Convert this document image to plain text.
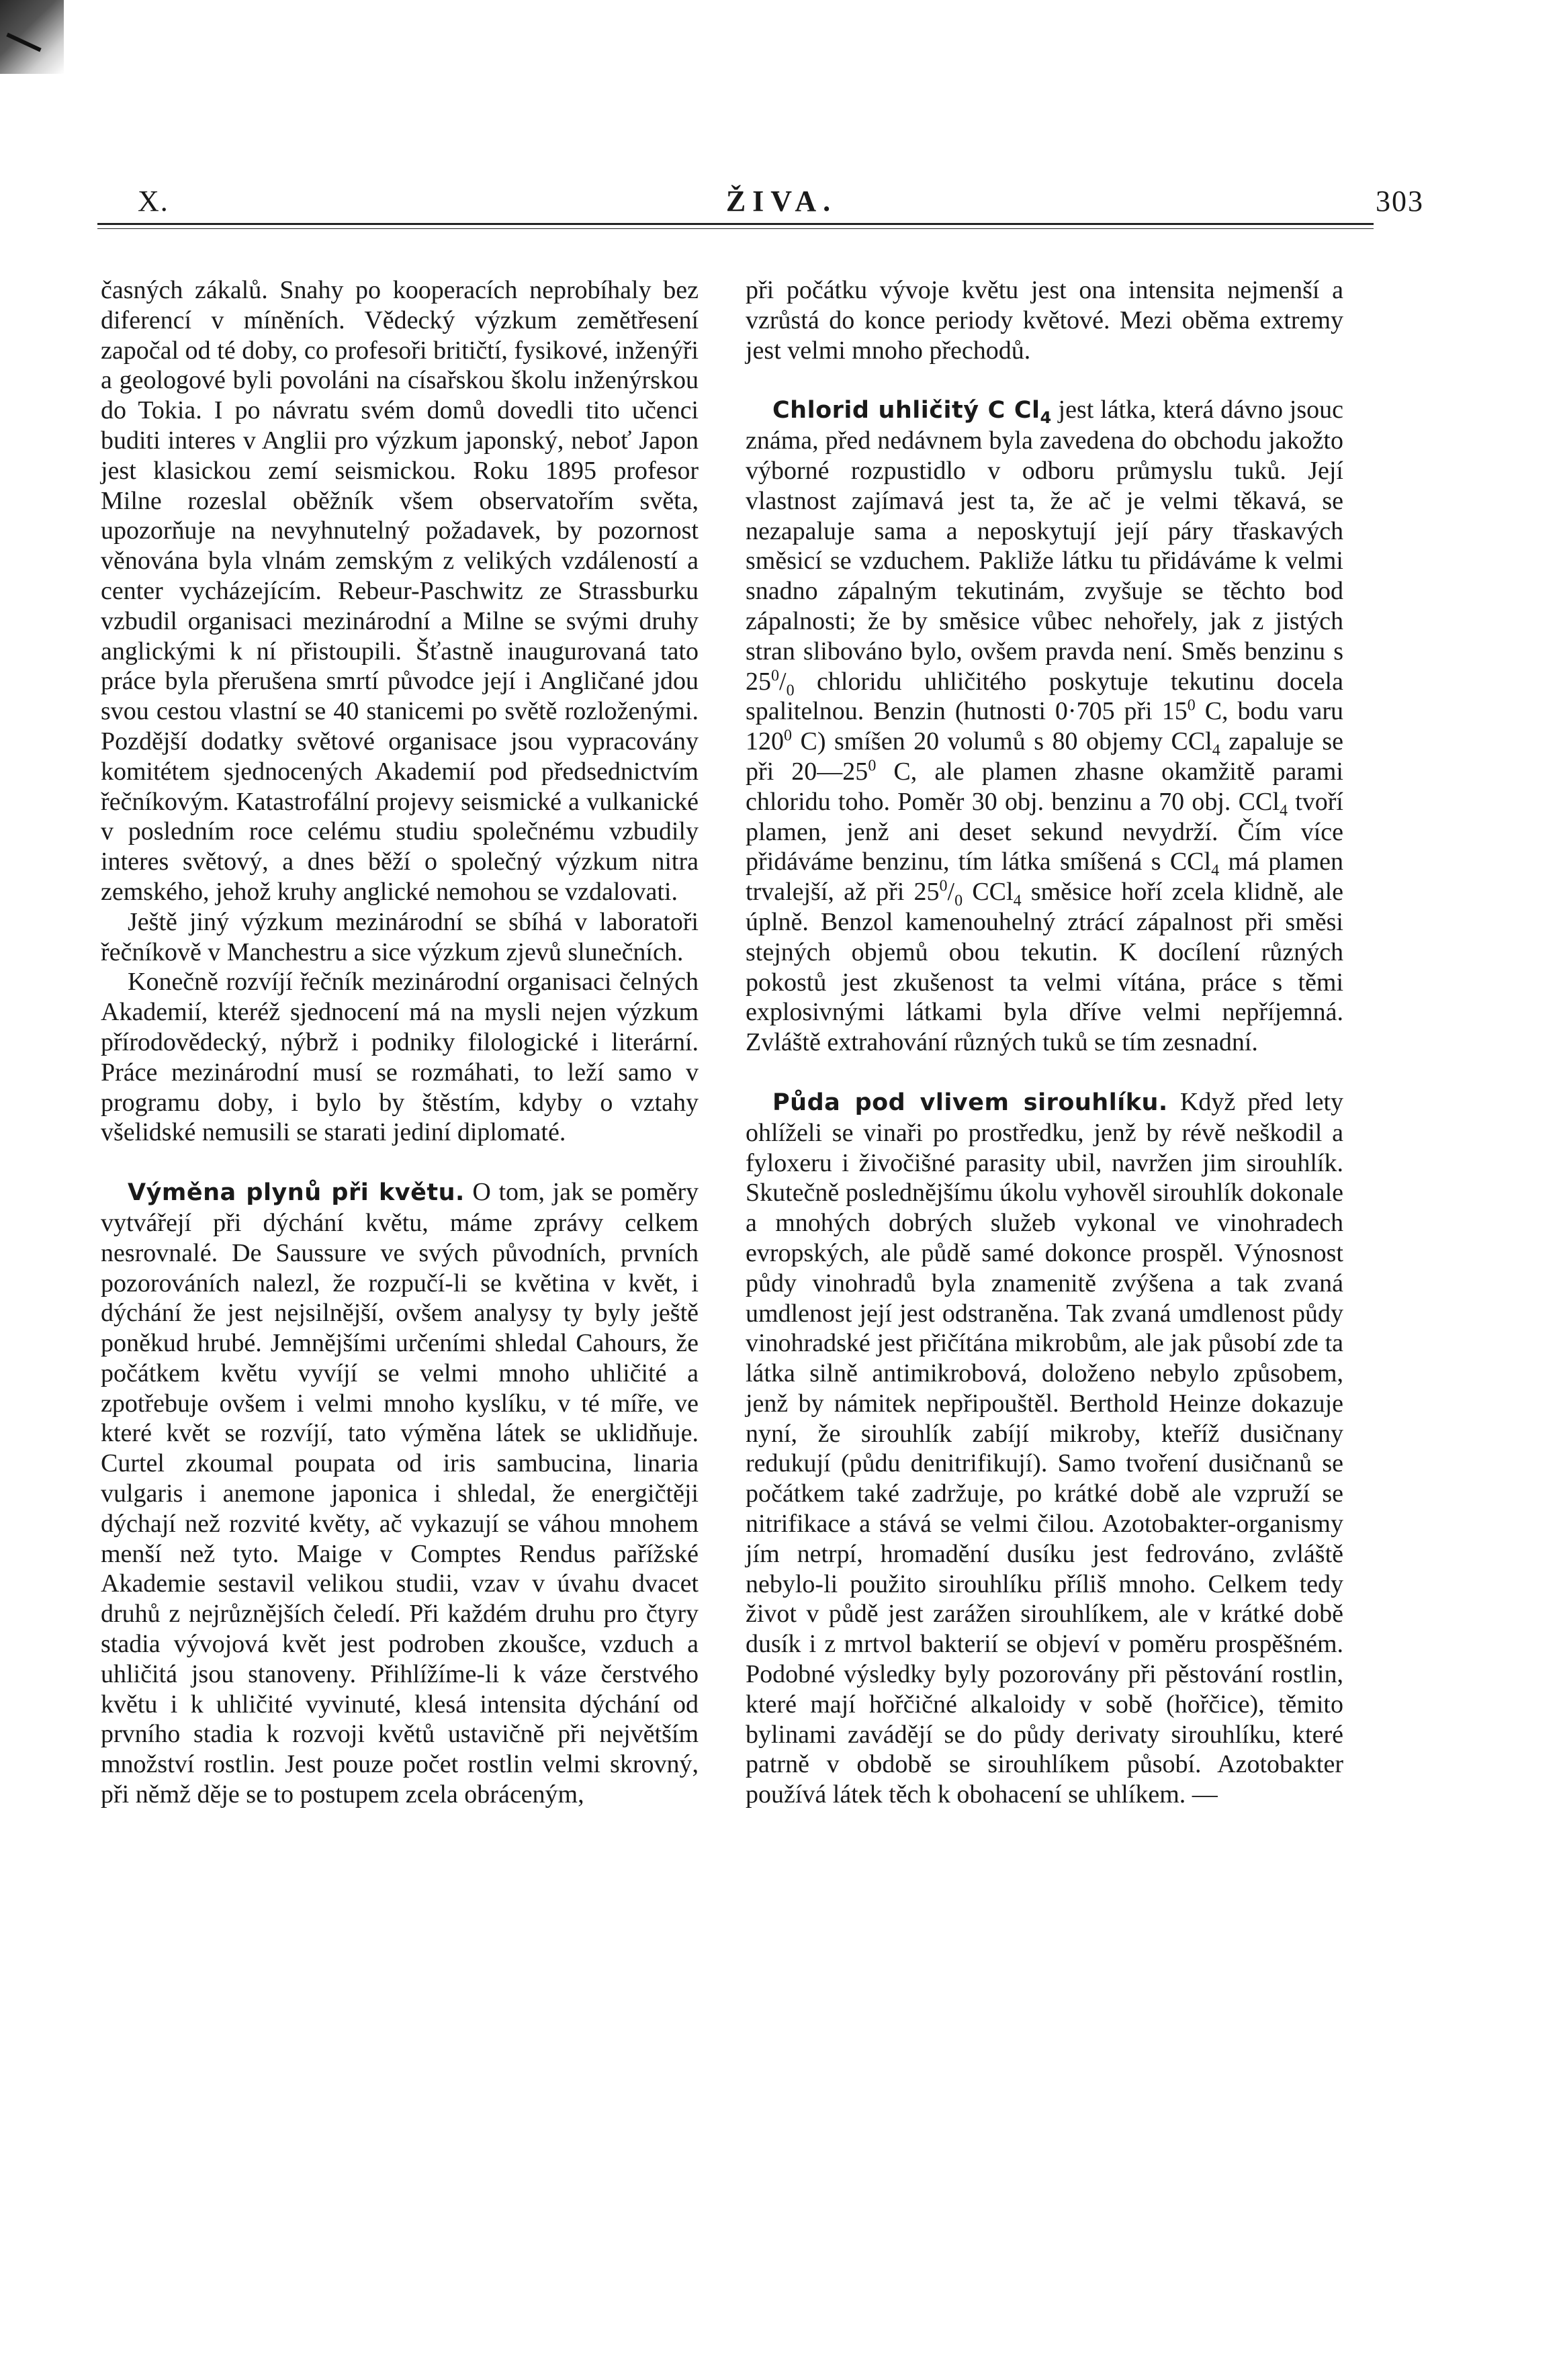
X.	ŽIVA.	303

časných zákalů. Snahy po kooperacích neprobíhaly bez diferencí v míněních. Vědecký výzkum zemětřesení započal od té doby, co profesoři britičtí, fysikové, inženýři a geologové byli povoláni na císařskou školu inženýrskou do Tokia. I po návratu svém domů dovedli tito učenci buditi interes v Anglii pro výzkum japonský, neboť Japon jest klasickou zemí seismickou. Roku 1895 profesor Milne rozeslal oběžník všem observatořím světa, upozorňuje na nevyhnutelný požadavek, by pozornost věnována byla vlnám zemským z velikých vzdáleností a center vycházejícím. Rebeur-Paschwitz ze Strassburku vzbudil organisaci mezinárodní a Milne se svými druhy anglickými k ní přistoupili. Šťastně inaugurovaná tato práce byla přerušena smrtí původce její i Angličané jdou svou cestou vlastní se 40 stanicemi po světě rozloženými. Pozdější dodatky světové organisace jsou vypracovány komitétem sjednocených Akademií pod předsednictvím řečníkovým. Katastrofální projevy seismické a vulkanické v posledním roce celému studiu společnému vzbudily interes světový, a dnes běží o společný výzkum nitra zemského, jehož kruhy anglické nemohou se vzdalovati.

Ještě jiný výzkum mezinárodní se sbíhá v laboratoři řečníkově v Manchestru a sice výzkum zjevů slunečních.

Konečně rozvíjí řečník mezinárodní organisaci čelných Akademií, kteréž sjednocení má na mysli nejen výzkum přírodovědecký, nýbrž i podniky filologické i literární. Práce mezinárodní musí se rozmáhati, to leží samo v programu doby, i bylo by štěstím, kdyby o vztahy všelidské nemusili se starati jediní diplomaté.

Výměna plynů při květu. O tom, jak se poměry vytvářejí při dýchání květu, máme zprávy celkem nesrovnalé. De Saussure ve svých původních, prvních pozorováních nalezl, že rozpučí-li se květina v květ, i dýchání že jest nejsilnější, ovšem analysy ty byly ještě poněkud hrubé. Jemnějšími určeními shledal Cahours, že počátkem květu vyvíjí se velmi mnoho uhličité a zpotřebuje ovšem i velmi mnoho kyslíku, v té míře, ve které květ se rozvíjí, tato výměna látek se uklidňuje. Curtel zkoumal poupata od iris sambucina, linaria vulgaris i anemone japonica i shledal, že energičtěji dýchají než rozvité květy, ač vykazují se váhou mnohem menší než tyto. Maige v Comptes Rendus pařížské Akademie sestavil velikou studii, vzav v úvahu dvacet druhů z nejrůznějších čeledí. Při každém druhu pro čtyry stadia vývojová květ jest podroben zkoušce, vzduch a uhličitá jsou stanoveny. Přihlížíme-li k váze čerstvého květu i k uhličité vyvinuté, klesá intensita dýchání od prvního stadia k rozvoji květů ustavičně při největším množství rostlin. Jest pouze počet rostlin velmi skrovný, při němž děje se to postupem zcela obráceným,

při počátku vývoje květu jest ona intensita nejmenší a vzrůstá do konce periody květové. Mezi oběma extremy jest velmi mnoho přechodů.

Chlorid uhličitý C $Cl_4$ jest látka, která dávno jsouc známa, před nedávnem byla zavedena do obchodu jakožto výborné rozpustidlo v odboru průmyslu tuků. Její vlastnost zajímavá jest ta, že ač je velmi těkavá, se nezapaluje sama a neposkytují její páry třaskavých směsicí se vzduchem. Pakliže látku tu přidáváme k velmi snadno zápalným tekutinám, zvyšuje se těchto bod zápalnosti; že by směsice vůbec nehořely, jak z jistých stran slibováno bylo, ovšem pravda není. Směs benzinu s $25^0/_0$ chloridu uhličitého poskytuje tekutinu docela spalitelnou. Benzin (hutnosti 0·705 při $15^0$ C, bodu varu $120^0$ C) smíšen 20 volumů s 80 objemy CCl$_4$ zapaluje se při $20—25^0$ C, ale plamen zhasne okamžitě parami chloridu toho. Poměr 30 obj. benzinu a 70 obj. CCl$_4$ tvoří plamen, jenž ani deset sekund nevydrží. Čím více přidáváme benzinu, tím látka smíšená s CCl$_4$ má plamen trvalejší, až při $25^0/_0$ CCl$_4$ směsice hoří zcela klidně, ale úplně. Benzol kamenouhelný ztrácí zápalnost při směsi stejných objemů obou tekutin. K docílení různých pokostů jest zkušenost ta velmi vítána, práce s těmi explosivnými látkami byla dříve velmi nepříjemná. Zvláště extrahování různých tuků se tím zesnadní.

Půda pod vlivem sirouhlíku. Když před lety ohlíželi se vinaři po prostředku, jenž by révě neškodil a fyloxeru i živočišné parasity ubil, navržen jim sirouhlík. Skutečně poslednějšímu úkolu vyhověl sirouhlík dokonale a mnohých dobrých služeb vykonal ve vinohradech evropských, ale půdě samé dokonce prospěl. Výnosnost půdy vinohradů byla znamenitě zvýšena a tak zvaná umdlenost její jest odstraněna. Tak zvaná umdlenost půdy vinohradské jest přičítána mikrobům, ale jak působí zde ta látka silně antimikrobová, doloženo nebylo způsobem, jenž by námitek nepřipouštěl. Berthold Heinze dokazuje nyní, že sirouhlík zabíjí mikroby, kteříž dusičnany redukují (půdu denitrifikují). Samo tvoření dusičnanů se počátkem také zadržuje, po krátké době ale vzpruží se nitrifikace a stává se velmi čilou. Azotobakter-organismy jím netrpí, hromadění dusíku jest fedrováno, zvláště nebylo-li použito sirouhlíku příliš mnoho. Celkem tedy život v půdě jest zarážen sirouhlíkem, ale v krátké době dusík i z mrtvol bakterií se objeví v poměru prospěšném. Podobné výsledky byly pozorovány při pěstování rostlin, které mají hořčičné alkaloidy v sobě (hořčice), těmito bylinami zavádějí se do půdy derivaty sirouhlíku, které patrně v obdobě se sirouhlíkem působí. Azotobakter používá látek těch k obohacení se uhlíkem. —
